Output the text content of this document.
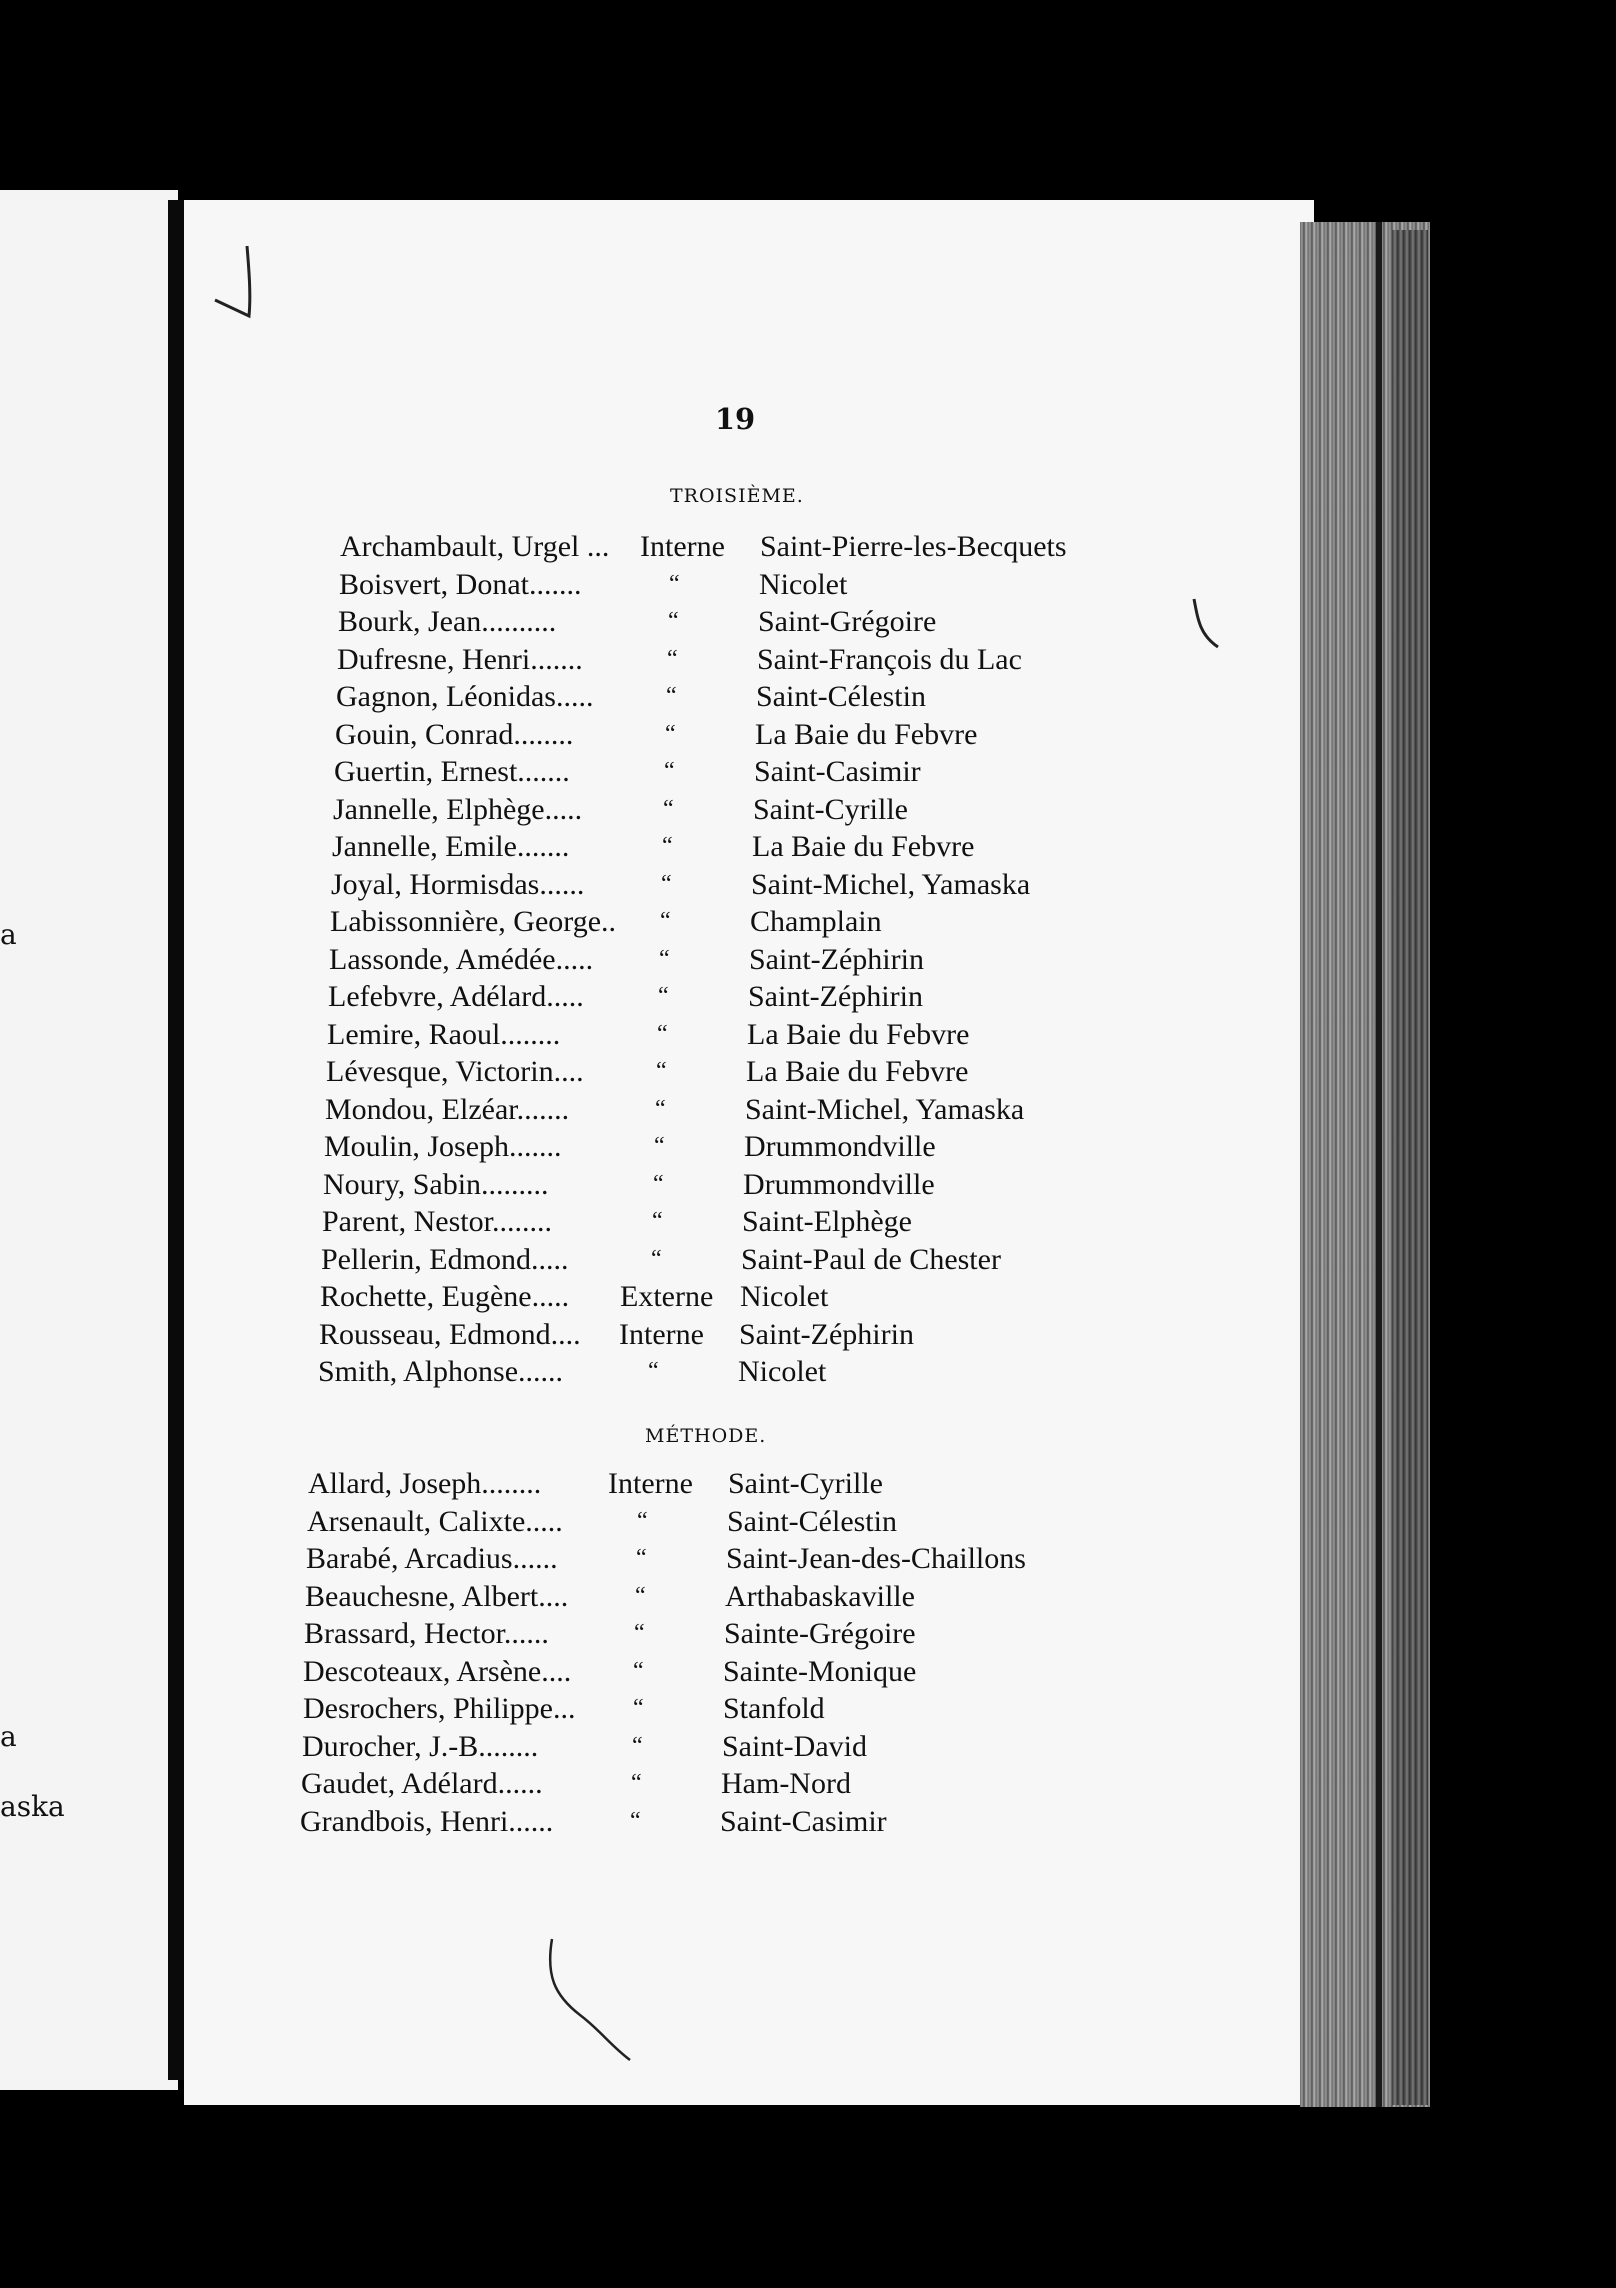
a
a
aska
19
TROISIÈME.
Archambault, Urgel ... Interne Saint-Pierre-les-Becquets
Boisvert, Donat.......	“	Nicolet
Bourk, Jean..........	“	Saint-Grégoire
Dufresne, Henri.......	“	Saint-François du Lac
Gagnon, Léonidas.....	“	Saint-Célestin
Gouin, Conrad........	“	La Baie du Febvre
Guertin, Ernest.......	“	Saint-Casimir
Jannelle, Elphège.....	“	Saint-Cyrille
Jannelle, Emile.......	“	La Baie du Febvre
Joyal, Hormisdas......	“	Saint-Michel, Yamaska
Labissonnière, George.. “	Champlain
Lassonde, Amédée.....	“	Saint-Zéphirin
Lefebvre, Adélard.....	“	Saint-Zéphirin
Lemire, Raoul........	“	La Baie du Febvre
Lévesque, Victorin....	“	La Baie du Febvre
Mondou, Elzéar.......	“	Saint-Michel, Yamaska
Moulin, Joseph.......	“	Drummondville
Noury, Sabin.........	“	Drummondville
Parent, Nestor........	“	Saint-Elphège
Pellerin, Edmond.....	“	Saint-Paul de Chester
Rochette, Eugène..... Externe Nicolet
Rousseau, Edmond.... Interne Saint-Zéphirin
Smith, Alphonse......	“	Nicolet
MÉTHODE.
Allard, Joseph........ Interne Saint-Cyrille
Arsenault, Calixte.....	“	Saint-Célestin
Barabé, Arcadius......	“	Saint-Jean-des-Chaillons
Beauchesne, Albert....	“	Arthabaskaville
Brassard, Hector......	“	Sainte-Grégoire
Descoteaux, Arsène....	“	Sainte-Monique
Desrochers, Philippe... “	Stanfold
Durocher, J.-B........	“	Saint-David
Gaudet, Adélard......	“	Ham-Nord
Grandbois, Henri......	“	Saint-Casimir
